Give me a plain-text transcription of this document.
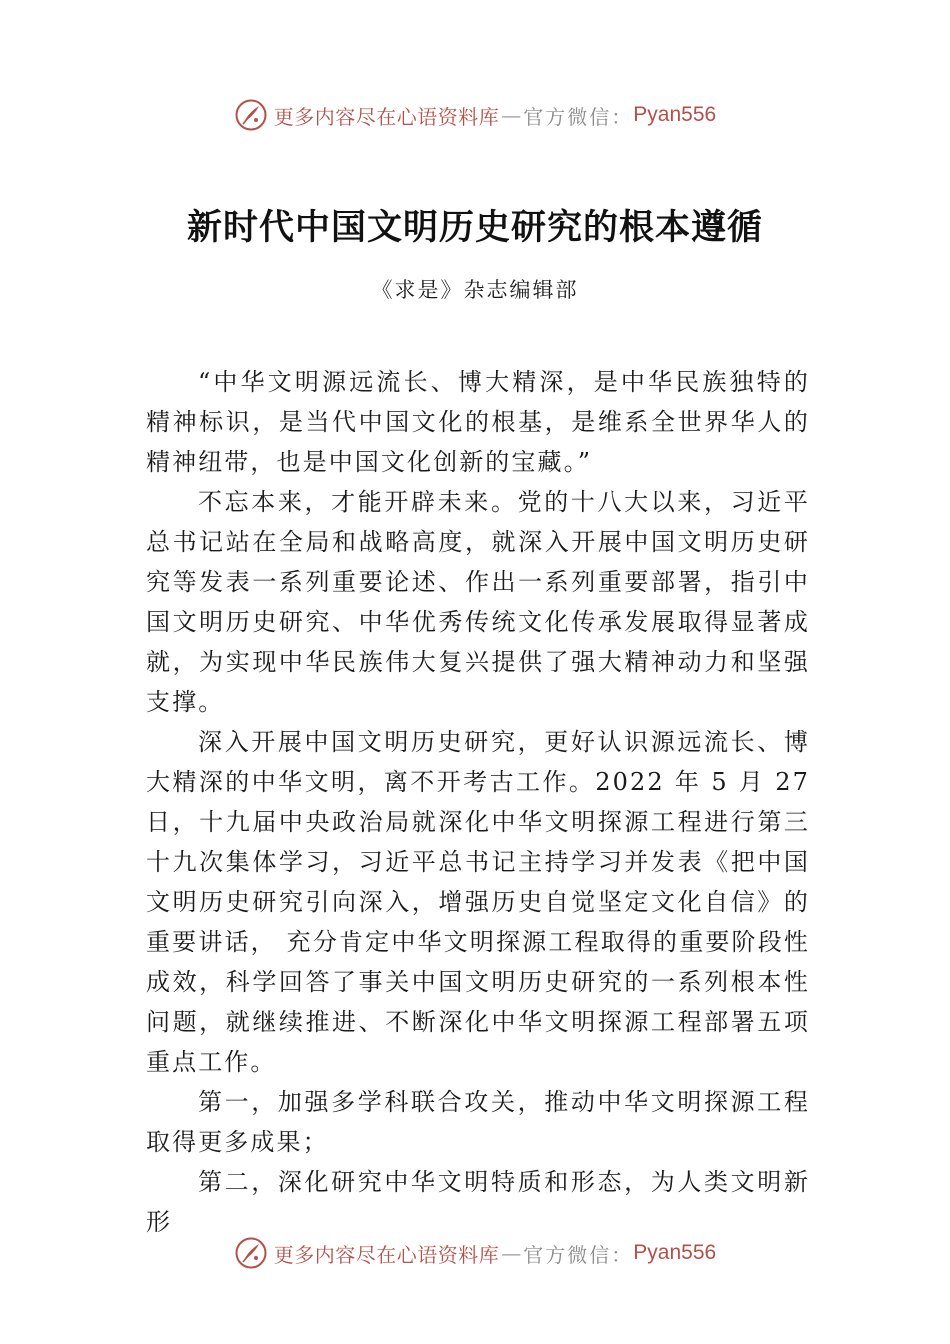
更多内容尽在心语资料库 — 官方微信： Pyan556
新时代中国文明历史研究的根本遵循
《求是》杂志编辑部

“中华文明源远流长、博大精深，是中华民族独特的精神标识，是当代中国文化的根基，是维系全世界华人的精神纽带，也是中国文化创新的宝藏。”

不忘本来，才能开辟未来。党的十八大以来，习近平总书记站在全局和战略高度，就深入开展中国文明历史研究等发表一系列重要论述、作出一系列重要部署，指引中国文明历史研究、中华优秀传统文化传承发展取得显著成就，为实现中华民族伟大复兴提供了强大精神动力和坚强支撑。

深入开展中国文明历史研究，更好认识源远流长、博大精深的中华文明，离不开考古工作。2022 年 5 月 27 日，十九届中央政治局就深化中华文明探源工程进行第三十九次集体学习，习近平总书记主持学习并发表《把中国文明历史研究引向深入，增强历史自觉坚定文化自信》的重要讲话， 充分肯定中华文明探源工程取得的重要阶段性成效，科学回答了事关中国文明历史研究的一系列根本性问题，就继续推进、不断深化中华文明探源工程部署五项重点工作。

第一，加强多学科联合攻关，推动中华文明探源工程取得更多成果；

第二，深化研究中华文明特质和形态，为人类文明新形

更多内容尽在心语资料库 — 官方微信： Pyan556
